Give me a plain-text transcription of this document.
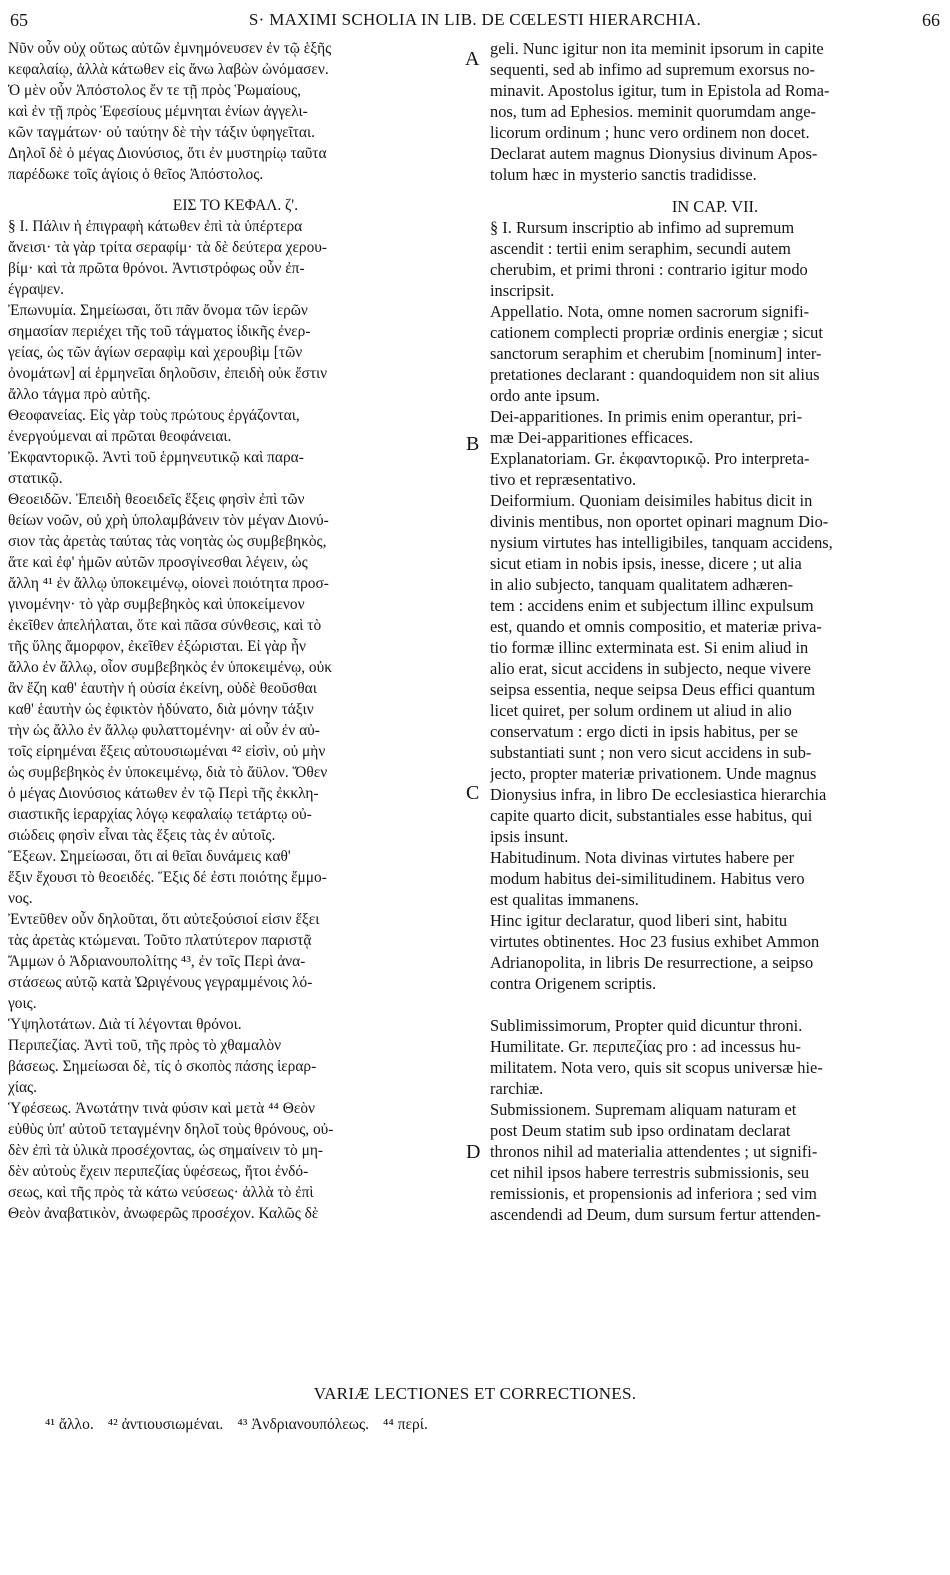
65	S· MAXIMI SCHOLIA IN LIB. DE CŒLESTI HIERARCHIA.	66
Νῦν οὖν οὐχ οὕτως αὐτῶν ἐμνημόνευσεν ἐν τῷ ἑξῆς
κεφαλαίῳ, ἀλλὰ κάτωθεν εἰς ἄνω λαβὼν ὠνόμασεν.
Ὁ μὲν οὖν Ἀπόστολος ἔν τε τῇ πρὸς Ῥωμαίους,
καὶ ἐν τῇ πρὸς Ἐφεσίους μέμνηται ἐνίων ἀγγελι-
κῶν ταγμάτων· οὐ ταύτην δὲ τὴν τάξιν ὑφηγεῖται.
Δηλοῖ δὲ ὁ μέγας Διονύσιος, ὅτι ἐν μυστηρίῳ ταῦτα
παρέδωκε τοῖς ἁγίοις ὁ θεῖος Ἀπόστολος.
ΕΙΣ ΤΟ ΚΕΦΑΛ. ζ'.
§ I. Πάλιν ἡ ἐπιγραφὴ κάτωθεν ἐπὶ τὰ ὑπέρτερα
ἄνεισι· τὰ γὰρ τρίτα σεραφίμ· τὰ δὲ δεύτερα χερου-
βίμ· καὶ τὰ πρῶτα θρόνοι. Ἀντιστρόφως οὖν ἐπ-
έγραψεν.
Ἐπωνυμία. Σημείωσαι, ὅτι πᾶν ὄνομα τῶν ἱερῶν
σημασίαν περιέχει τῆς τοῦ τάγματος ἰδικῆς ἐνερ-
γείας, ὡς τῶν ἁγίων σεραφὶμ καὶ χερουβὶμ [τῶν
ὀνομάτων] αἱ ἑρμηνεῖαι δηλοῦσιν, ἐπειδὴ οὐκ ἔστιν
ἄλλο τάγμα πρὸ αὐτῆς.
Θεοφανείας. Εἰς γὰρ τοὺς πρώτους ἐργάζονται,
ἐνεργούμεναι αἱ πρῶται θεοφάνειαι.
Ἐκφαντορικῷ. Ἀντὶ τοῦ ἑρμηνευτικῷ καὶ παρα-
στατικῷ.
Θεοειδῶν. Ἐπειδὴ θεοειδεῖς ἕξεις φησὶν ἐπὶ τῶν
θείων νοῶν, οὐ χρὴ ὑπολαμβάνειν τὸν μέγαν Διονύ-
σιον τὰς ἀρετὰς ταύτας τὰς νοητὰς ὡς συμβεβηκὸς,
ἅτε καὶ ἐφ' ἡμῶν αὐτῶν προσγίνεσθαι λέγειν, ὡς
ἄλλη ⁴¹ ἐν ἄλλῳ ὑποκειμένῳ, οἱονεὶ ποιότητα προσ-
γινομένην· τὸ γὰρ συμβεβηκὸς καὶ ὑποκείμενον
ἐκεῖθεν ἀπελήλαται, ὅτε καὶ πᾶσα σύνθεσις, καὶ τὸ
τῆς ὕλης ἄμορφον, ἐκεῖθεν ἐξώρισται. Εἰ γὰρ ἦν
ἄλλο ἐν ἄλλῳ, οἷον συμβεβηκὸς ἐν ὑποκειμένῳ, οὐκ
ἂν ἔζη καθ' ἑαυτὴν ἡ οὐσία ἐκείνη, οὐδὲ θεοῦσθαι
καθ' ἑαυτὴν ὡς ἐφικτὸν ἠδύνατο, διὰ μόνην τάξιν
τὴν ὡς ἄλλο ἐν ἄλλῳ φυλαττομένην· αἱ οὖν ἐν αὐ-
τοῖς εἰρημέναι ἕξεις αὐτουσιωμέναι ⁴² εἰσὶν, οὐ μὴν
ὡς συμβεβηκὸς ἐν ὑποκειμένῳ, διὰ τὸ ἄϋλον. Ὅθεν
ὁ μέγας Διονύσιος κάτωθεν ἐν τῷ Περὶ τῆς ἐκκλη-
σιαστικῆς ἱεραρχίας λόγῳ κεφαλαίῳ τετάρτῳ οὐ-
σιώδεις φησὶν εἶναι τὰς ἕξεις τὰς ἐν αὐτοῖς.
Ἕξεων. Σημείωσαι, ὅτι αἱ θεῖαι δυνάμεις καθ'
ἕξιν ἔχουσι τὸ θεοειδές. Ἕξις δέ ἐστι ποιότης ἔμμο-
νος.
Ἐντεῦθεν οὖν δηλοῦται, ὅτι αὐτεξούσιοί εἰσιν ἕξει
τὰς ἀρετὰς κτώμεναι. Τοῦτο πλατύτερον παριστᾷ
Ἄμμων ὁ Ἀδριανουπολίτης ⁴³, ἐν τοῖς Περὶ ἀνα-
στάσεως αὐτῷ κατὰ Ὠριγένους γεγραμμένοις λό-
γοις.
Ὑψηλοτάτων. Διὰ τί λέγονται θρόνοι.
Περιπεζίας. Ἀντὶ τοῦ, τῆς πρὸς τὸ χθαμαλὸν
βάσεως. Σημείωσαι δὲ, τίς ὁ σκοπὸς πάσης ἱεραρ-
χίας.
Ὑφέσεως. Ἀνωτάτην τινὰ φύσιν καὶ μετὰ ⁴⁴ Θεὸν
εὐθὺς ὑπ' αὐτοῦ τεταγμένην δηλοῖ τοὺς θρόνους, οὐ-
δὲν ἐπὶ τὰ ὑλικὰ προσέχοντας, ὡς σημαίνειν τὸ μη-
δὲν αὐτοὺς ἔχειν περιπεζίας ὑφέσεως, ἤτοι ἐνδό-
σεως, καὶ τῆς πρὸς τὰ κάτω νεύσεως· ἀλλὰ τὸ ἐπὶ
Θεὸν ἀναβατικὸν, ἀνωφερῶς προσέχον. Καλῶς δὲ
geli. Nunc igitur non ita meminit ipsorum in capite
sequenti, sed ab infimo ad supremum exorsus no-
minavit. Apostolus igitur, tum in Epistola ad Roma-
nos, tum ad Ephesios. meminit quorumdam ange-
licorum ordinum ; hunc vero ordinem non docet.
Declarat autem magnus Dionysius divinum Apos-
tolum hæc in mysterio sanctis tradidisse.
IN CAP. VII.
§ I. Rursum inscriptio ab infimo ad supremum
ascendit : tertii enim seraphim, secundi autem
cherubim, et primi throni : contrario igitur modo
inscripsit.
Appellatio. Nota, omne nomen sacrorum signifi-
cationem complecti propriæ ordinis energiæ ; sicut
sanctorum seraphim et cherubim [nominum] inter-
pretationes declarant : quandoquidem non sit alius
ordo ante ipsum.
Dei-apparitiones. In primis enim operantur, pri-
mæ Dei-apparitiones efficaces.
Explanatoriam. Gr. ἐκφαντορικῷ. Pro interpreta-
tivo et repræsentativo.
Deiformium. Quoniam deisimiles habitus dicit in
divinis mentibus, non oportet opinari magnum Dio-
nysium virtutes has intelligibiles, tanquam accidens,
sicut etiam in nobis ipsis, inesse, dicere ; ut alia
in alio subjecto, tanquam qualitatem adhæren-
tem : accidens enim et subjectum illinc expulsum
est, quando et omnis compositio, et materiæ priva-
tio formæ illinc exterminata est. Si enim aliud in
alio erat, sicut accidens in subjecto, neque vivere
seipsa essentia, neque seipsa Deus effici quantum
licet quiret, per solum ordinem ut aliud in alio
conservatum : ergo dicti in ipsis habitus, per se
substantiati sunt ; non vero sicut accidens in sub-
jecto, propter materiæ privationem. Unde magnus
Dionysius infra, in libro De ecclesiastica hierarchia
capite quarto dicit, substantiales esse habitus, qui
ipsis insunt.
Habitudinum. Nota divinas virtutes habere per
modum habitus dei-similitudinem. Habitus vero
est qualitas immanens.
Hinc igitur declaratur, quod liberi sint, habitu
virtutes obtinentes. Hoc 23 fusius exhibet Ammon
Adrianopolita, in libris De resurrectione, a seipso
contra Origenem scriptis.
Sublimissimorum, Propter quid dicuntur throni.
Humilitate. Gr. περιπεζίας pro : ad incessus hu-
militatem. Nota vero, quis sit scopus universæ hie-
rarchiæ.
Submissionem. Supremam aliquam naturam et
post Deum statim sub ipso ordinatam declarat
thronos nihil ad materialia attendentes ; ut signifi-
cet nihil ipsos habere terrestris submissionis, seu
remissionis, et propensionis ad inferiora ; sed vim
ascendendi ad Deum, dum sursum fertur attenden-
A
B
C
D
VARIÆ LECTIONES ET CORRECTIONES.
⁴¹ ἄλλο. ⁴² ἀντιουσιωμέναι. ⁴³ Ἀνδριανουπόλεως. ⁴⁴ περί.
